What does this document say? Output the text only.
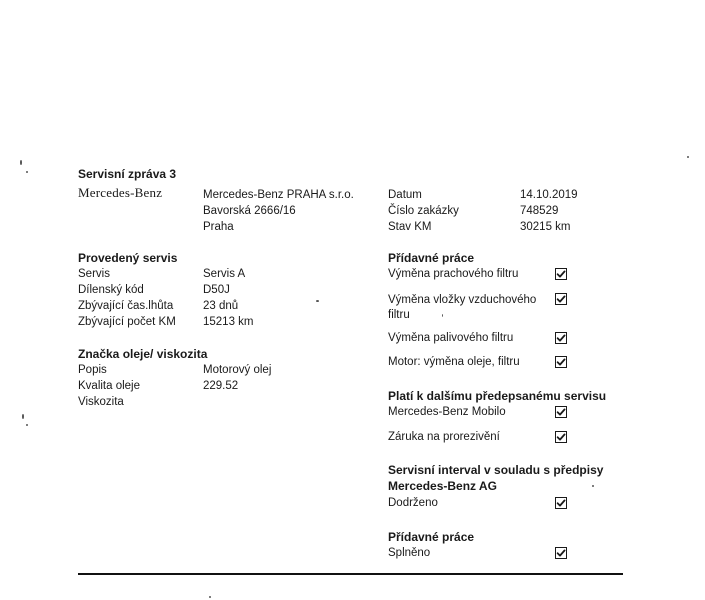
Servisní zpráva 3
Mercedes-Benz	Mercedes-Benz PRAHA s.r.o.
Bavorská 2666/16
Praha
Datum	14.10.2019
Číslo zakázky	748529
Stav KM	30215 km
Provedený servis
Servis	Servis A
Dílenský kód	D50J
Zbývající čas.lhůta	23 dnů
Zbývající počet KM 15213 km
Značka oleje/ viskozita
Popis	Motorový olej
Kvalita oleje	229.52
Viskozita
Přídavné práce
Výměna prachového filtru
Výměna vložky vzduchového
filtru
Výměna palivového filtru
Motor: výměna oleje, filtru
Platí k dalšímu předepsanému servisu
Mercedes-Benz Mobilo
Záruka na prorezivění
Servisní interval v souladu s předpisy
Mercedes-Benz AG
Dodrženo
Přídavné práce
Splněno
